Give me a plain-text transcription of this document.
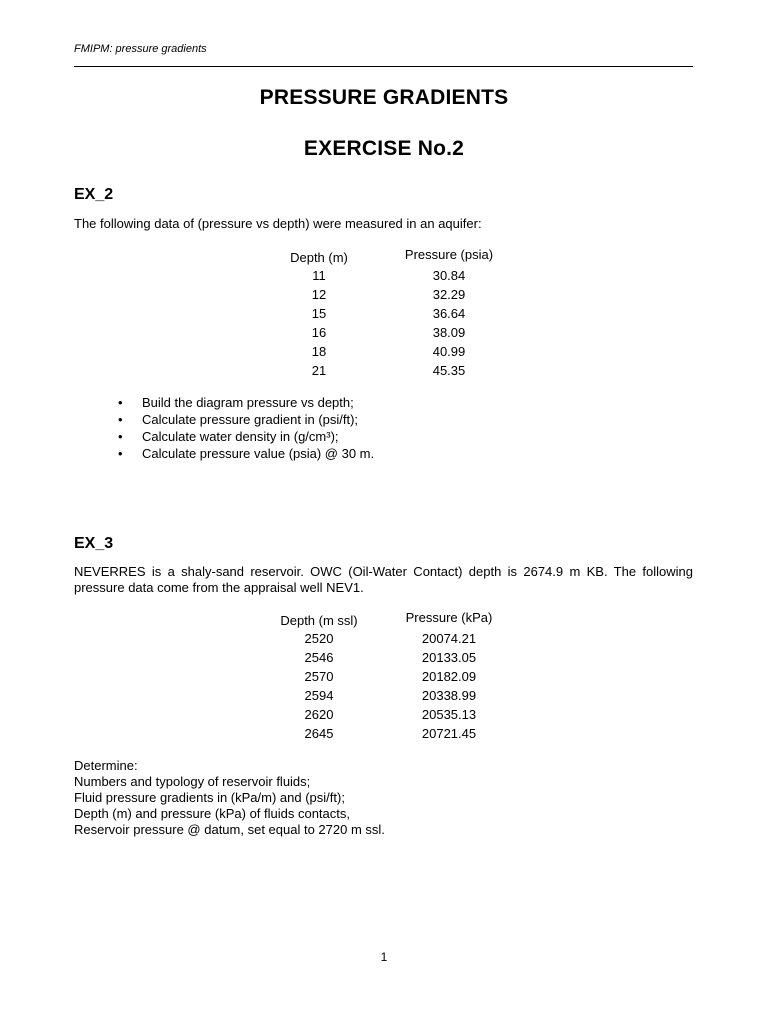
FMIPM: pressure gradients
PRESSURE GRADIENTS
EXERCISE No.2
EX_2
The following data of (pressure vs depth) were measured in an aquifer:
Depth (m)	Pressure (psia)
11	30.84
12	32.29
15	36.64
16	38.09
18	40.99
21	45.35
• Build the diagram pressure vs depth;
• Calculate pressure gradient in (psi/ft);
• Calculate water density in (g/cm³);
• Calculate pressure value (psia) @ 30 m.
EX_3
NEVERRES is a shaly-sand reservoir. OWC (Oil-Water Contact) depth is 2674.9 m KB. The following pressure data come from the appraisal well NEV1.
Depth (m ssl)	Pressure (kPa)
2520	20074.21
2546	20133.05
2570	20182.09
2594	20338.99
2620	20535.13
2645	20721.45
Determine:
Numbers and typology of reservoir fluids;
Fluid pressure gradients in (kPa/m) and (psi/ft);
Depth (m) and pressure (kPa) of fluids contacts,
Reservoir pressure @ datum, set equal to 2720 m ssl.
1
